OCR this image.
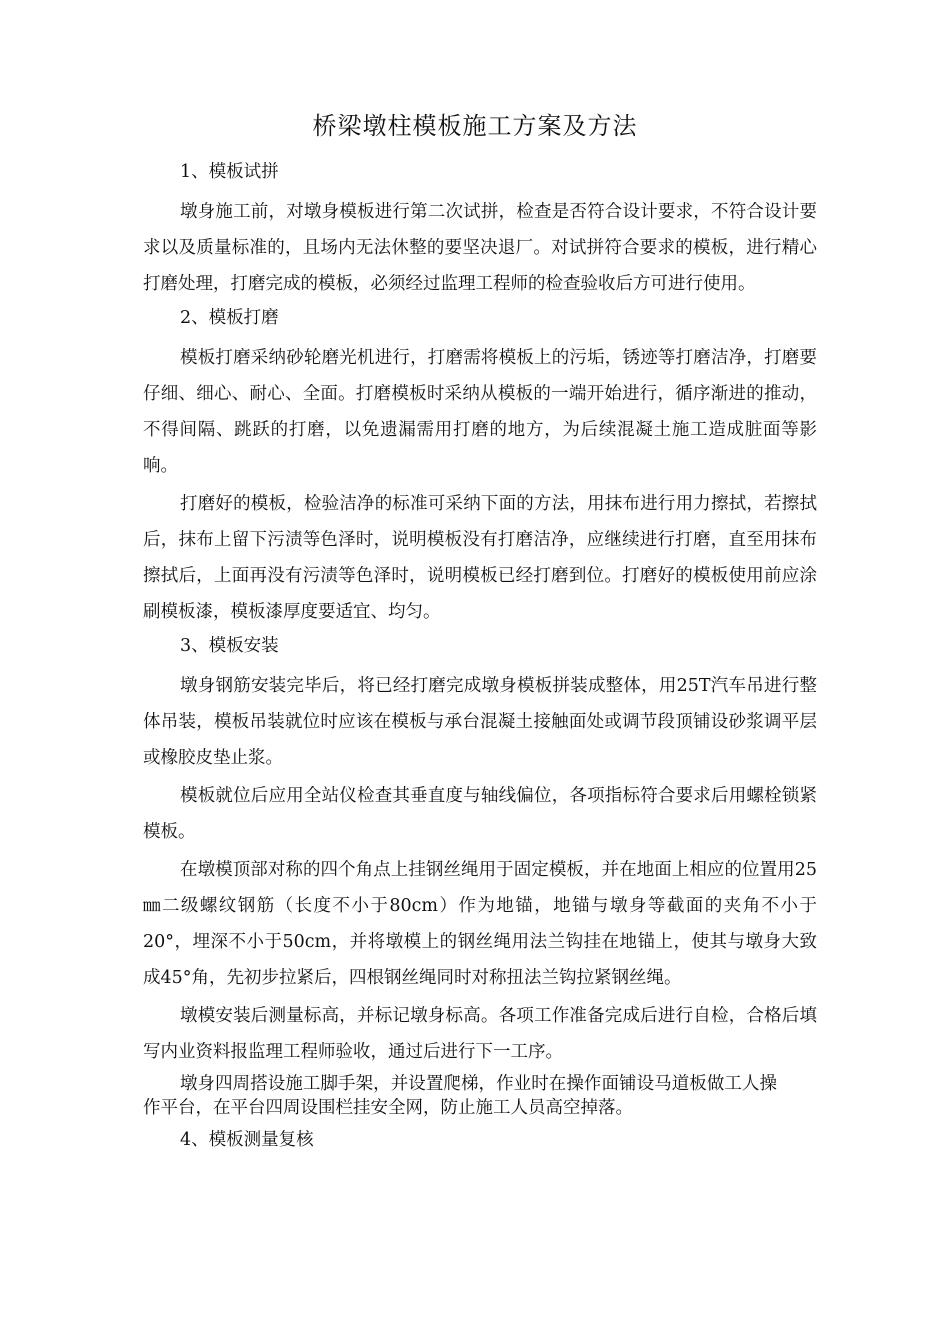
桥梁墩柱模板施工方案及方法

1、模板试拼

墩身施工前，对墩身模板进行第二次试拼，检查是否符合设计要求，不符合设计要求以及质量标准的，且场内无法休整的要坚决退厂。对试拼符合要求的模板，进行精心打磨处理，打磨完成的模板，必须经过监理工程师的检查验收后方可进行使用。

2、模板打磨

模板打磨采纳砂轮磨光机进行，打磨需将模板上的污垢，锈迹等打磨洁净，打磨要仔细、细心、耐心、全面。打磨模板时采纳从模板的一端开始进行，循序渐进的推动，不得间隔、跳跃的打磨，以免遗漏需用打磨的地方，为后续混凝土施工造成脏面等影响。

打磨好的模板，检验洁净的标准可采纳下面的方法，用抹布进行用力擦拭，若擦拭后，抹布上留下污渍等色泽时，说明模板没有打磨洁净，应继续进行打磨，直至用抹布擦拭后，上面再没有污渍等色泽时，说明模板已经打磨到位。打磨好的模板使用前应涂刷模板漆，模板漆厚度要适宜、均匀。

3、模板安装

墩身钢筋安装完毕后，将已经打磨完成墩身模板拼装成整体，用25T汽车吊进行整体吊装，模板吊装就位时应该在模板与承台混凝土接触面处或调节段顶铺设砂浆调平层或橡胶皮垫止浆。

模板就位后应用全站仪检查其垂直度与轴线偏位，各项指标符合要求后用螺栓锁紧模板。

在墩模顶部对称的四个角点上挂钢丝绳用于固定模板，并在地面上相应的位置用25㎜二级螺纹钢筋（长度不小于80cm）作为地锚，地锚与墩身等截面的夹角不小于20°，埋深不小于50cm，并将墩模上的钢丝绳用法兰钩挂在地锚上，使其与墩身大致成45°角，先初步拉紧后，四根钢丝绳同时对称扭法兰钩拉紧钢丝绳。

墩模安装后测量标高，并标记墩身标高。各项工作准备完成后进行自检，合格后填写内业资料报监理工程师验收，通过后进行下一工序。

墩身四周搭设施工脚手架，并设置爬梯，作业时在操作面铺设马道板做工人操作平台，在平台四周设围栏挂安全网，防止施工人员高空掉落。

4、模板测量复核
